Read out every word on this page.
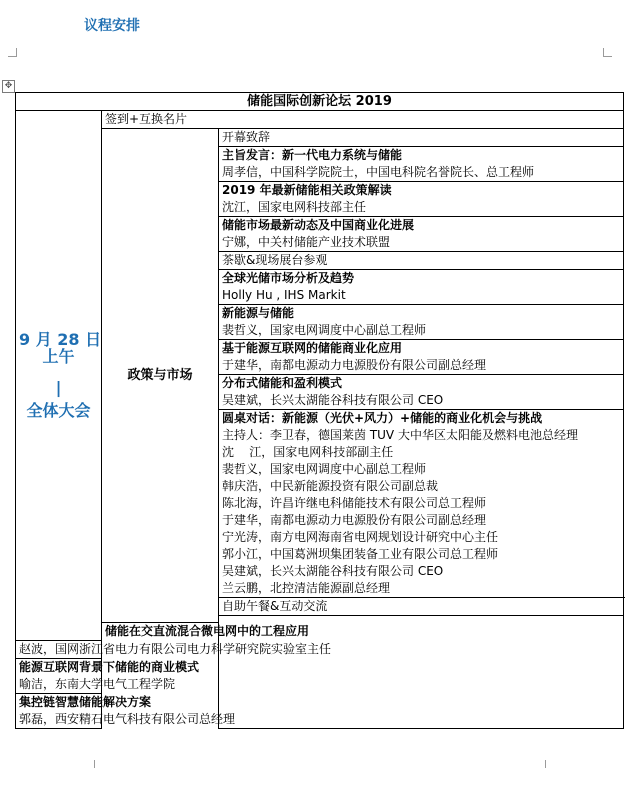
议程安排
✥
储能国际创新论坛 2019			

9 月 28 日
上午
|
全体大会	签到+互换名片		
	政策与市场	开幕致辞	
		主旨发言：新一代电力系统与储能	
		周孝信，中国科学院院士，中国电科院名誉院长、总工程师	
		2019 年最新储能相关政策解读	
		沈江，国家电网科技部主任	
		储能市场最新动态及中国商业化进展	
		宁娜，中关村储能产业技术联盟	
		茶歇&现场展台参观	
		全球光储市场分析及趋势	
		Holly Hu , IHS Markit	
		新能源与储能	
		裴哲义，国家电网调度中心副总工程师	
		基于能源互联网的储能商业化应用	
		于建华，南都电源动力电源股份有限公司副总经理	
		分布式储能和盈利模式	
		吴建斌，长兴太湖能谷科技有限公司 CEO	
		圆桌对话：新能源（光伏+风力）+储能的商业化机会与挑战	
		主持人：李卫春，德国莱茵 TUV 大中华区太阳能及燃料电池总经理	
		沈    江，国家电网科技部副主任	
		裴哲义，国家电网调度中心副总工程师	
		韩庆浩，中民新能源投资有限公司副总裁	
		陈北海，许昌许继电科储能技术有限公司总工程师	
		于建华，南都电源动力电源股份有限公司副总经理	
		宁光涛，南方电网海南省电网规划设计研究中心主任	
		郭小江，中国葛洲坝集团装备工业有限公司总工程师	
		吴建斌，长兴太湖能谷科技有限公司 CEO	
		兰云鹏，北控清洁能源副总经理	

		自助午餐&互动交流	

	储能在交直流混合微电网中的工程应用		
赵波，国网浙江省电力有限公司电力科学研究院实验室主任			
能源互联网背景下储能的商业模式			
喻洁，东南大学电气工程学院			
集控链智慧储能解决方案			
郭磊，西安精石电气科技有限公司总经理			
